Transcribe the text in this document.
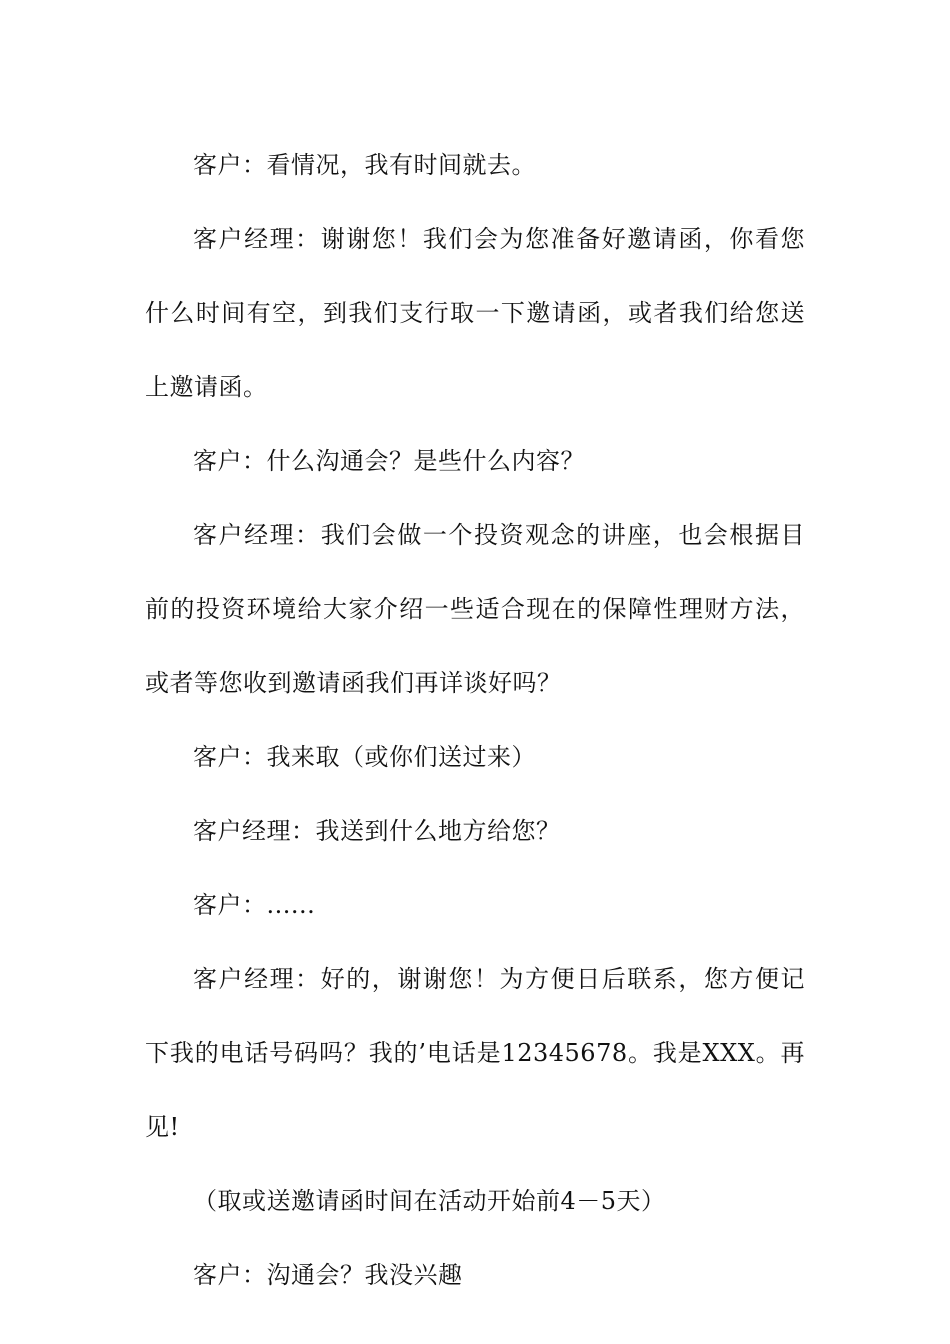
客户：看情况，我有时间就去。

客户经理：谢谢您！我们会为您准备好邀请函，你看您什么时间有空，到我们支行取一下邀请函，或者我们给您送上邀请函。

客户：什么沟通会？是些什么内容？

客户经理：我们会做一个投资观念的讲座，也会根据目前的投资环境给大家介绍一些适合现在的保障性理财方法，或者等您收到邀请函我们再详谈好吗？

客户：我来取（或你们送过来）

客户经理：我送到什么地方给您？

客户：......

客户经理：好的，谢谢您！为方便日后联系，您方便记下我的电话号码吗？我的’电话是12345678。我是XXX。再见!

（取或送邀请函时间在活动开始前4－5天）

客户：沟通会？我没兴趣
